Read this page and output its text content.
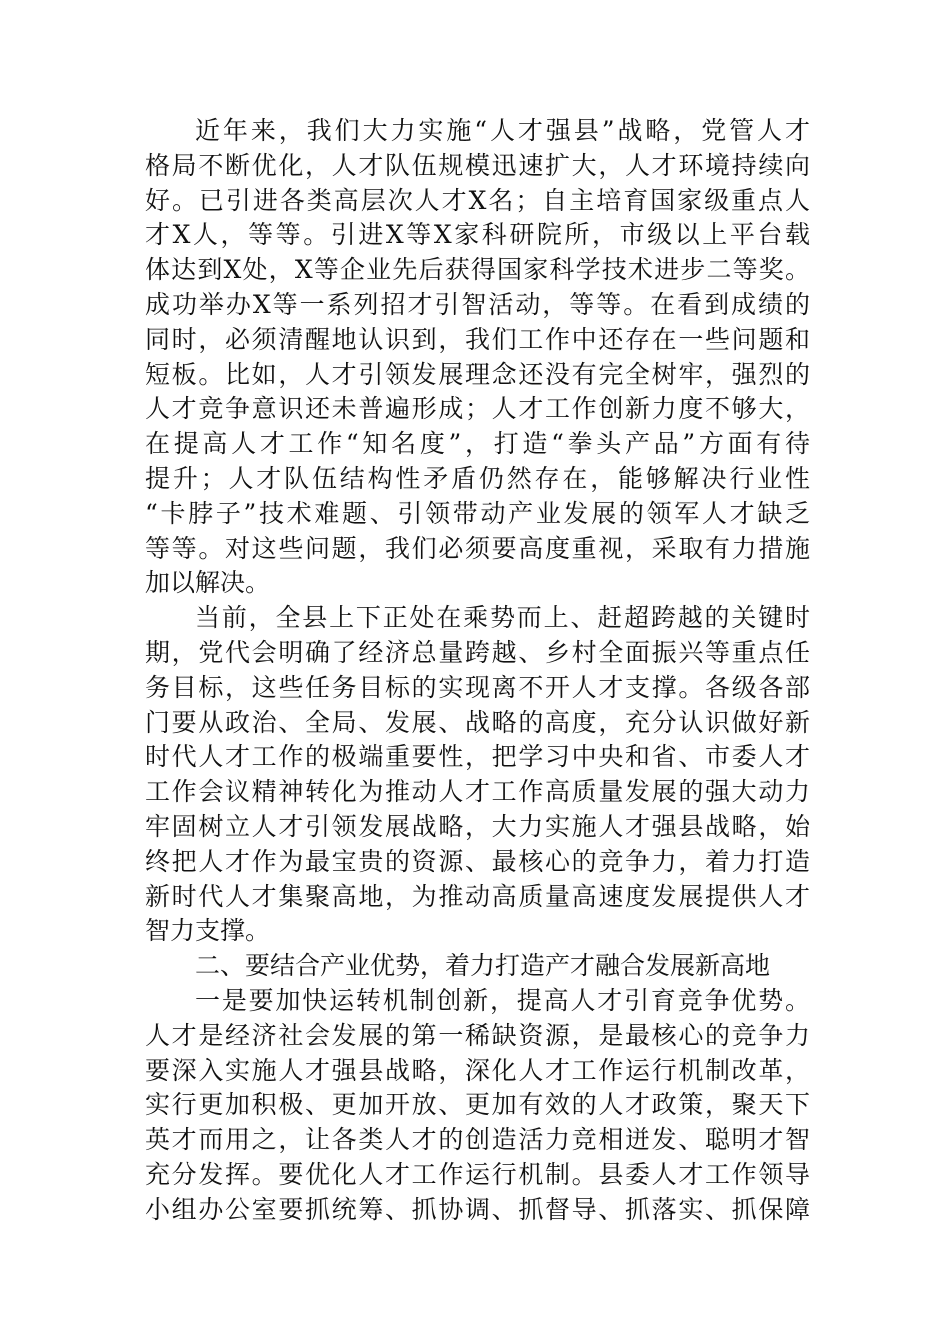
近年来，我们大力实施“人才强县”战略，党管人才
格局不断优化，人才队伍规模迅速扩大，人才环境持续向
好。已引进各类高层次人才X名；自主培育国家级重点人
才X人，等等。引进X等X家科研院所，市级以上平台载
体达到X处，X等企业先后获得国家科学技术进步二等奖。
成功举办X等一系列招才引智活动，等等。在看到成绩的
同时，必须清醒地认识到，我们工作中还存在一些问题和
短板。比如，人才引领发展理念还没有完全树牢，强烈的
人才竞争意识还未普遍形成；人才工作创新力度不够大，
在提高人才工作“知名度”，打造“拳头产品”方面有待
提升；人才队伍结构性矛盾仍然存在，能够解决行业性
“卡脖子”技术难题、引领带动产业发展的领军人才缺乏
等等。对这些问题，我们必须要高度重视，采取有力措施
加以解决。
当前，全县上下正处在乘势而上、赶超跨越的关键时
期，党代会明确了经济总量跨越、乡村全面振兴等重点任
务目标，这些任务目标的实现离不开人才支撑。各级各部
门要从政治、全局、发展、战略的高度，充分认识做好新
时代人才工作的极端重要性，把学习中央和省、市委人才
工作会议精神转化为推动人才工作高质量发展的强大动力
牢固树立人才引领发展战略，大力实施人才强县战略，始
终把人才作为最宝贵的资源、最核心的竞争力，着力打造
新时代人才集聚高地，为推动高质量高速度发展提供人才
智力支撑。
二、要结合产业优势，着力打造产才融合发展新高地
一是要加快运转机制创新，提高人才引育竞争优势。
人才是经济社会发展的第一稀缺资源，是最核心的竞争力
要深入实施人才强县战略，深化人才工作运行机制改革，
实行更加积极、更加开放、更加有效的人才政策，聚天下
英才而用之，让各类人才的创造活力竞相迸发、聪明才智
充分发挥。要优化人才工作运行机制。县委人才工作领导
小组办公室要抓统筹、抓协调、抓督导、抓落实、抓保障
